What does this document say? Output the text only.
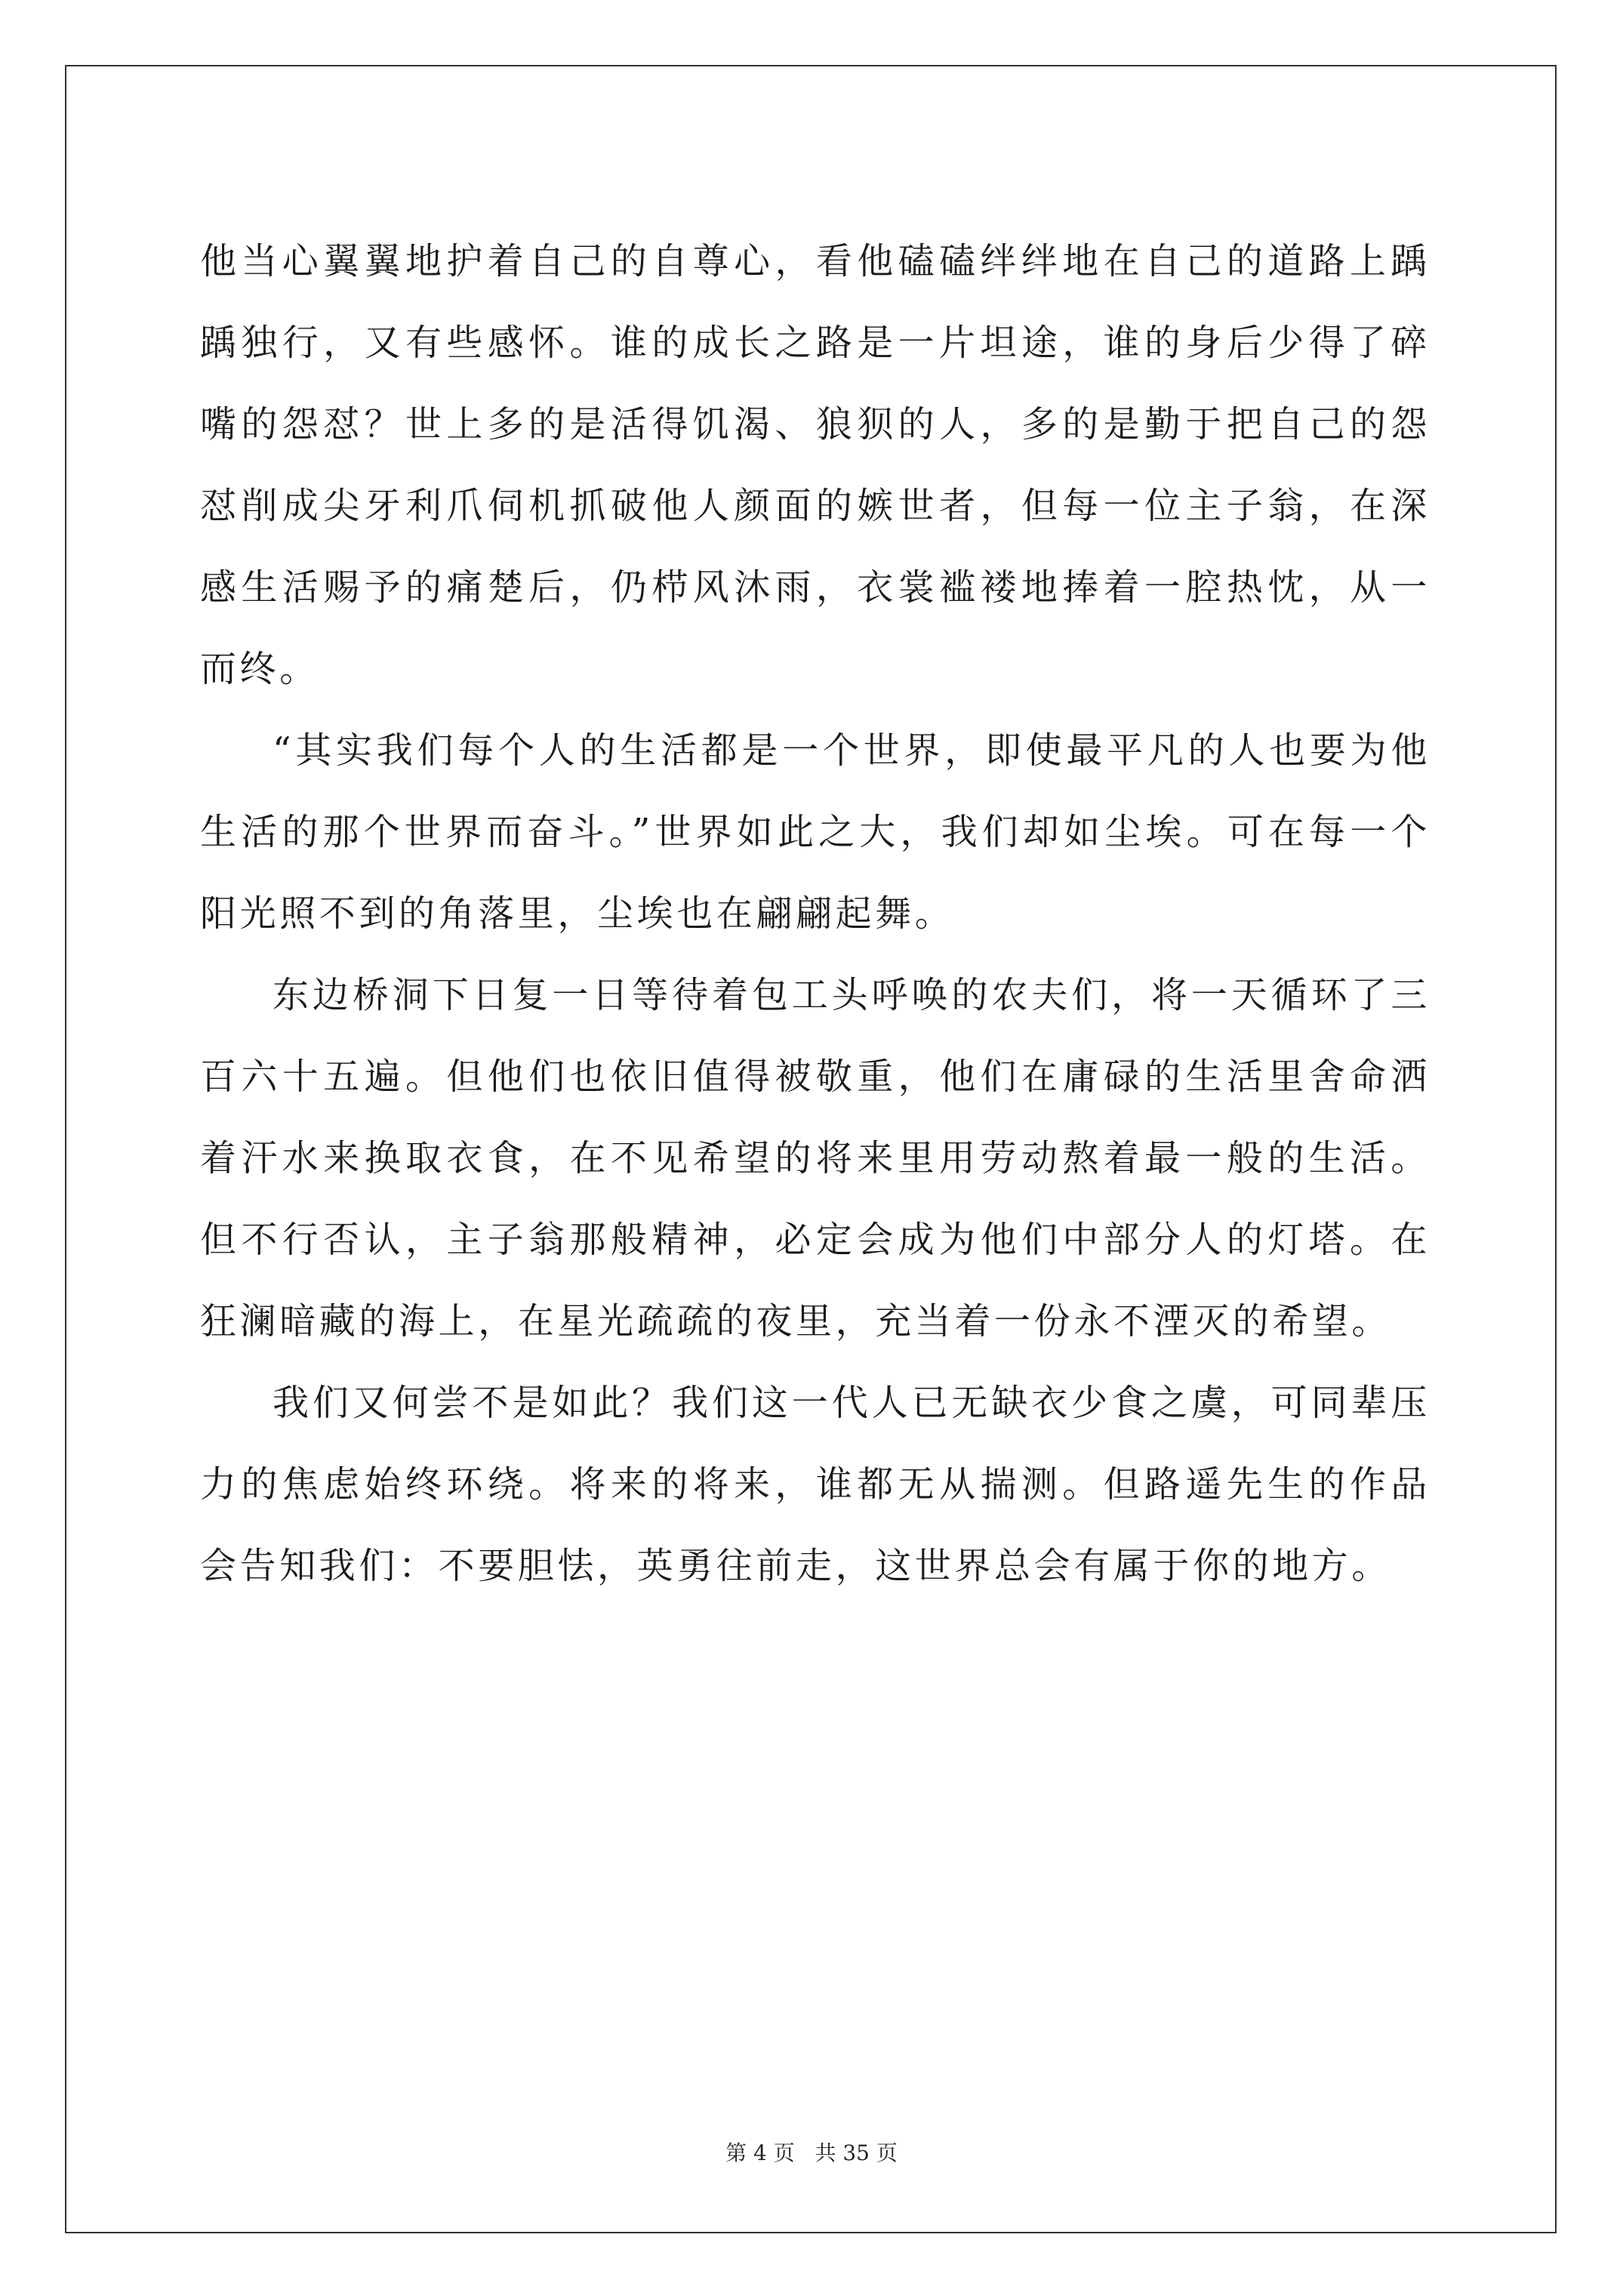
他当心翼翼地护着自己的自尊心，看他磕磕绊绊地在自己的道路上踽踽独行，又有些感怀。谁的成长之路是一片坦途，谁的身后少得了碎嘴的怨怼？世上多的是活得饥渴、狼狈的人，多的是勤于把自己的怨怼削成尖牙利爪伺机抓破他人颜面的嫉世者，但每一位主子翁，在深感生活赐予的痛楚后，仍栉风沐雨，衣裳褴褛地捧着一腔热忱，从一而终。

“其实我们每个人的生活都是一个世界，即使最平凡的人也要为他生活的那个世界而奋斗。”世界如此之大，我们却如尘埃。可在每一个阳光照不到的角落里，尘埃也在翩翩起舞。

东边桥洞下日复一日等待着包工头呼唤的农夫们，将一天循环了三百六十五遍。但他们也依旧值得被敬重，他们在庸碌的生活里舍命洒着汗水来换取衣食，在不见希望的将来里用劳动熬着最一般的生活。但不行否认，主子翁那般精神，必定会成为他们中部分人的灯塔。在狂澜暗藏的海上，在星光疏疏的夜里，充当着一份永不湮灭的希望。

我们又何尝不是如此？我们这一代人已无缺衣少食之虞，可同辈压力的焦虑始终环绕。将来的将来，谁都无从揣测。但路遥先生的作品会告知我们：不要胆怯，英勇往前走，这世界总会有属于你的地方。

第 4 页 共 35 页
